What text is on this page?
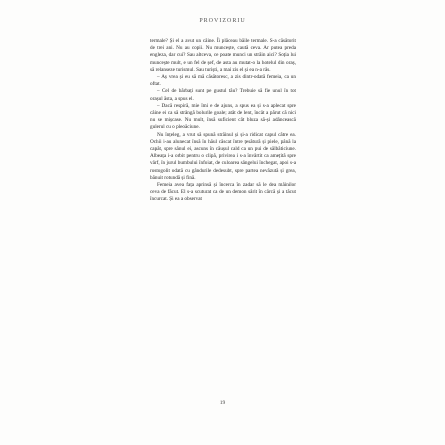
PROVIZORIU

termale? Și el a avut un câine. Îi plăceau băile termale. S-a căsătorit de trei ani. Nu au copii. Nu muncește, caută ceva. Ar putea preda engleza, dar cui? Sau altceva, ce poate munci un străin aici? Soția lui muncește mult, e un fel de șef, de asta au mutat-o la hotelul din oraș, să relanseze turismul. Sau turiști, a mai zis el și ea n-a râs.

– Aș vrea și eu să mă căsătoresc, a zis dintr-odată femeia, ca un oftat.

– Cel de bărbați sunt pe gustul tău? Trebuie să fie unul în tot orașul ăsta, a spus el.

– Dacă respiră, mie îmi e de ajuns, a spus ea și s-a aplecat spre câine ei ca să strângă bolurile goale; atât de lent, încât a părut că nici nu se mișcase. Nu mult, însă suficient cât bluza să-și adâncească gulerul cu o pleoăciune.

Nu înțeleg, a vrut să spună străinul și și-a ridicat capul către ea. Ochii i-au alunecat însă în hăul căscat între țesătură și piele, până la capăt, spre sânul ei, ascuns în căușul cald ca un pui de sălbăticiune. Albeața i-a orbit pentru o clipă, privirea i s-a învârtit ca amețită spre vârf, în jurul bumbului înfoiat, de culoarea sângelui închegat, apoi s-a rostogolit odată cu gândurile dedesubt, spre partea nevăzută și grea, bănuit rotundă și fină.

Femeia avea fața aprinsă și încerca în zadar să le dea mâinilor ceva de făcut. El s-a scuturat ca de un demon sârit în cârcă și a tăcut încurcat. Și ea a observat

19
